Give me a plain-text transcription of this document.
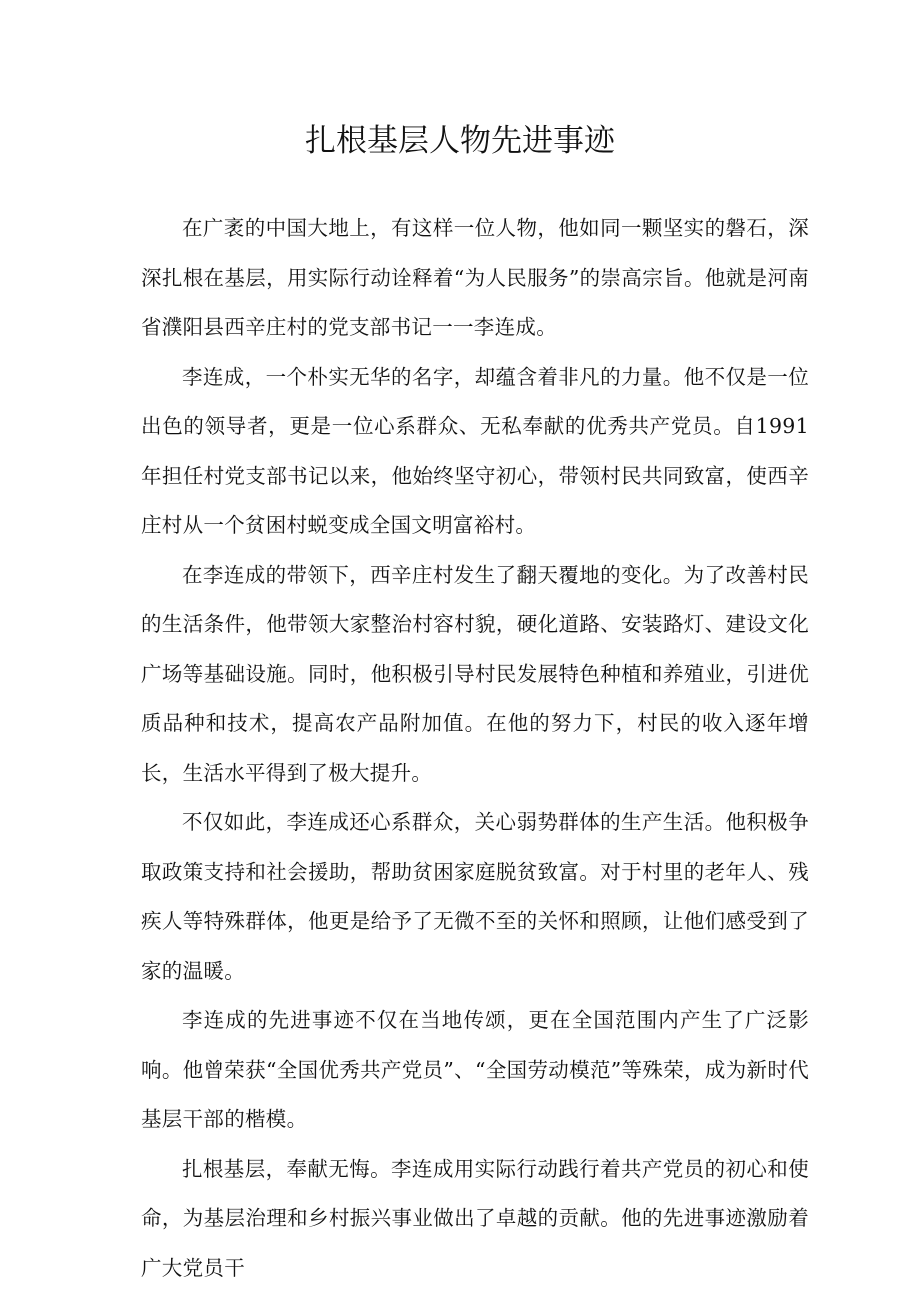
扎根基层人物先进事迹

在广袤的中国大地上，有这样一位人物，他如同一颗坚实的磐石，深深扎根在基层，用实际行动诠释着“为人民服务”的崇高宗旨。他就是河南省濮阳县西辛庄村的党支部书记一一李连成。

李连成，一个朴实无华的名字，却蕴含着非凡的力量。他不仅是一位出色的领导者，更是一位心系群众、无私奉献的优秀共产党员。自1991年担任村党支部书记以来，他始终坚守初心，带领村民共同致富，使西辛庄村从一个贫困村蜕变成全国文明富裕村。

在李连成的带领下，西辛庄村发生了翻天覆地的变化。为了改善村民的生活条件，他带领大家整治村容村貌，硬化道路、安装路灯、建设文化广场等基础设施。同时，他积极引导村民发展特色种植和养殖业，引进优质品种和技术，提高农产品附加值。在他的努力下，村民的收入逐年增长，生活水平得到了极大提升。

不仅如此，李连成还心系群众，关心弱势群体的生产生活。他积极争取政策支持和社会援助，帮助贫困家庭脱贫致富。对于村里的老年人、残疾人等特殊群体，他更是给予了无微不至的关怀和照顾，让他们感受到了家的温暖。

李连成的先进事迹不仅在当地传颂，更在全国范围内产生了广泛影响。他曾荣获“全国优秀共产党员”、“全国劳动模范”等殊荣，成为新时代基层干部的楷模。

扎根基层，奉献无悔。李连成用实际行动践行着共产党员的初心和使命，为基层治理和乡村振兴事业做出了卓越的贡献。他的先进事迹激励着广大党员干
